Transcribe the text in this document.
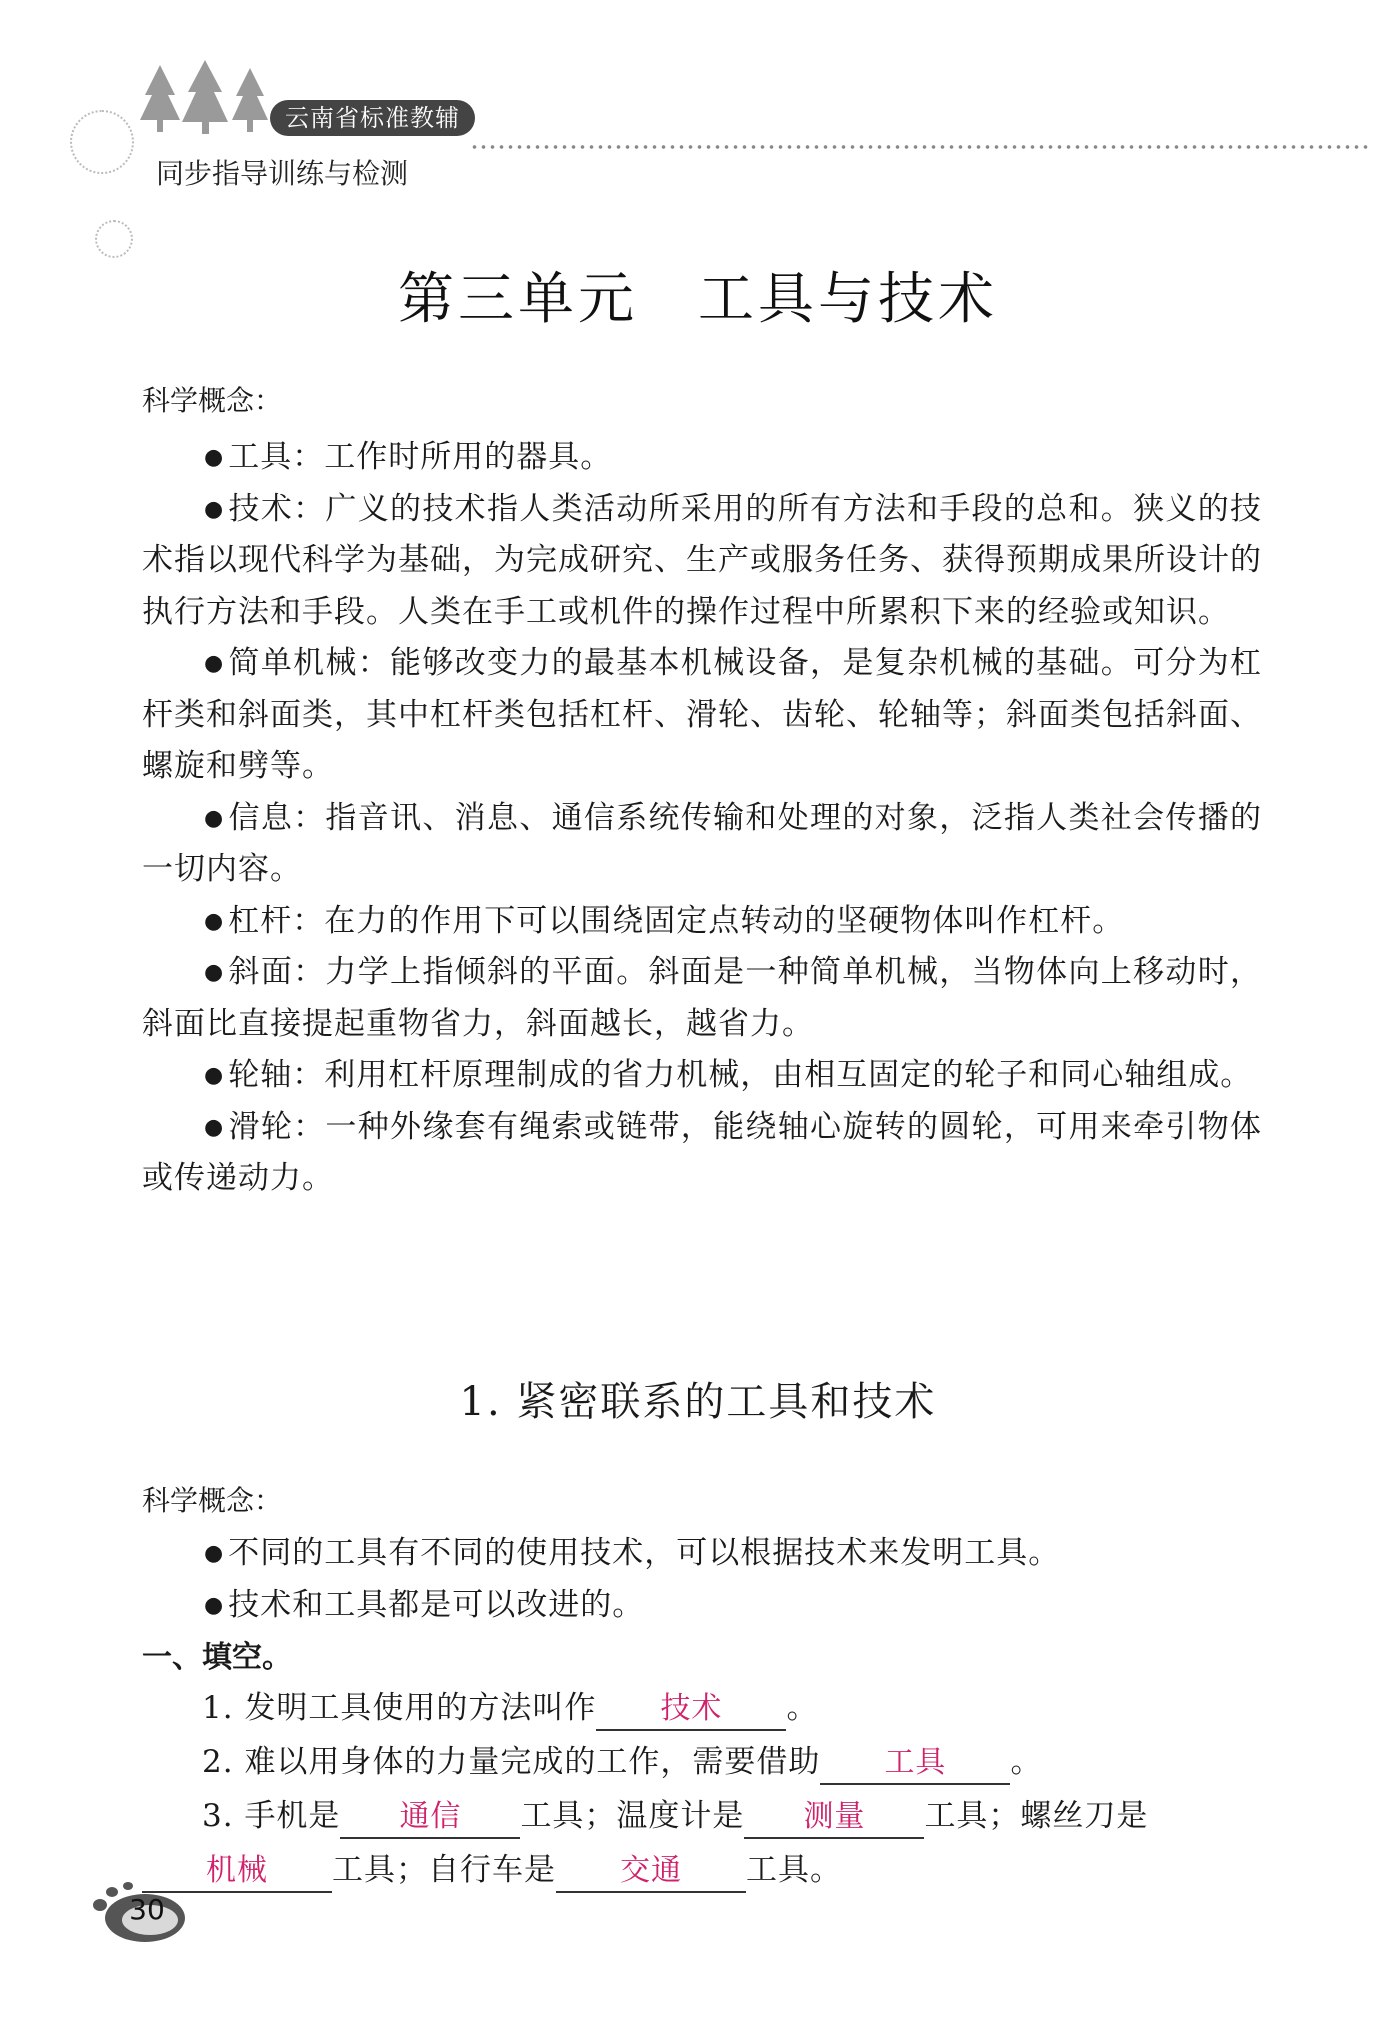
云南省标准教辅
同步指导训练与检测
第三单元 工具与技术

科学概念：

● 工具：工作时所用的器具。

● 技术：广义的技术指人类活动所采用的所有方法和手段的总和。狭义的技术指以现代科学为基础，为完成研究、生产或服务任务、获得预期成果所设计的执行方法和手段。人类在手工或机件的操作过程中所累积下来的经验或知识。

● 简单机械：能够改变力的最基本机械设备，是复杂机械的基础。可分为杠杆类和斜面类，其中杠杆类包括杠杆、滑轮、齿轮、轮轴等；斜面类包括斜面、螺旋和劈等。

● 信息：指音讯、消息、通信系统传输和处理的对象，泛指人类社会传播的一切内容。

● 杠杆：在力的作用下可以围绕固定点转动的坚硬物体叫作杠杆。

● 斜面：力学上指倾斜的平面。斜面是一种简单机械，当物体向上移动时，斜面比直接提起重物省力，斜面越长，越省力。

● 轮轴：利用杠杆原理制成的省力机械，由相互固定的轮子和同心轴组成。

● 滑轮：一种外缘套有绳索或链带，能绕轴心旋转的圆轮，可用来牵引物体或传递动力。

1. 紧密联系的工具和技术

科学概念：

● 不同的工具有不同的使用技术，可以根据技术来发明工具。

● 技术和工具都是可以改进的。

一、填空。

1. 发明工具使用的方法叫作 技术 。

2. 难以用身体的力量完成的工作，需要借助 工具 。

3. 手机是 通信 工具；温度计是 测量 工具；螺丝刀是

机械 工具；自行车是 交通 工具。

30
